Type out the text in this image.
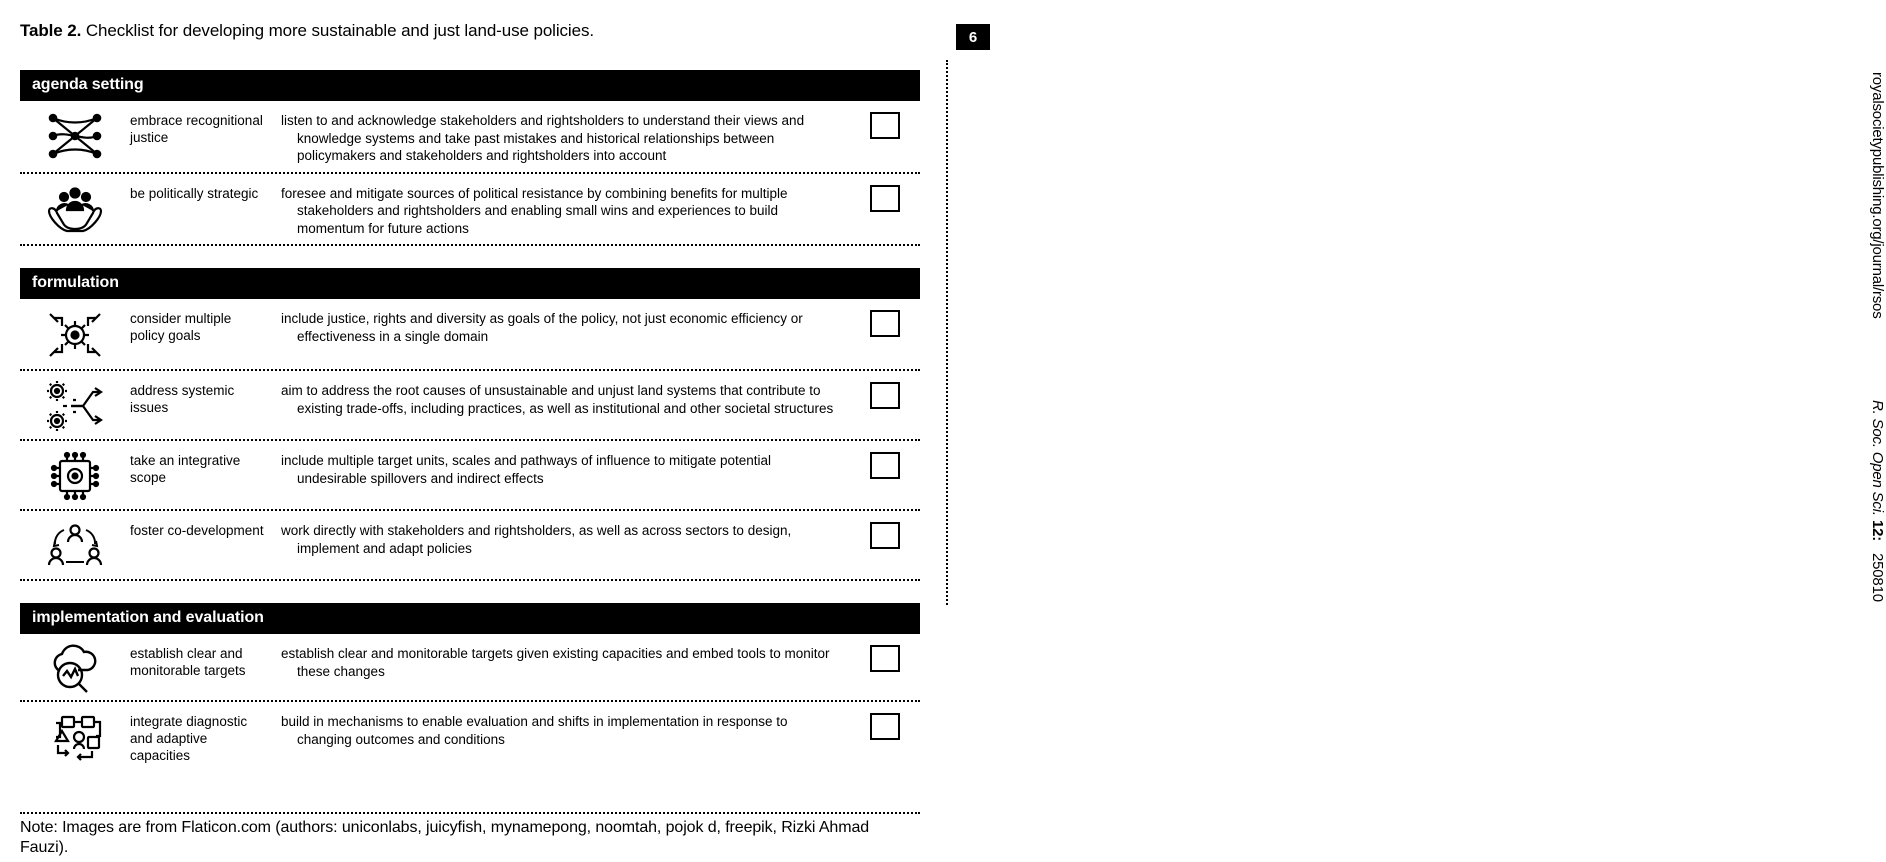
Table 2. Checklist for developing more sustainable and just land-use policies.
agenda setting
embrace recognitional justice
listen to and acknowledge stakeholders and rightsholders to understand their views and knowledge systems and take past mistakes and historical relationships between policymakers and stakeholders and rightsholders into account
be politically strategic	foresee and mitigate sources of political resistance by combining benefits for multiple stakeholders and rightsholders and enabling small wins and experiences to build momentum for future actions
formulation
consider multiple policy goals
include justice, rights and diversity as goals of the policy, not just economic efficiency or effectiveness in a single domain
address systemic issues
aim to address the root causes of unsustainable and unjust land systems that contribute to existing trade-offs, including practices, as well as institutional and other societal structures
take an integrative scope
include multiple target units, scales and pathways of influence to mitigate potential undesirable spillovers and indirect effects
foster co-development	work directly with stakeholders and rightsholders, as well as across sectors to design, implement and adapt policies
implementation and evaluation
establish clear and monitorable targets
establish clear and monitorable targets given existing capacities and embed tools to monitor these changes
integrate diagnostic and adaptive capacities
build in mechanisms to enable evaluation and shifts in implementation in response to changing outcomes and conditions
Note: Images are from Flaticon.com (authors: uniconlabs, juicyfish, mynamepong, noomtah, pojok d, freepik, Rizki Ahmad Fauzi).
6
royalsocietypublishing.org/journal/rsos
R. Soc. Open Sci.
12:
250810
